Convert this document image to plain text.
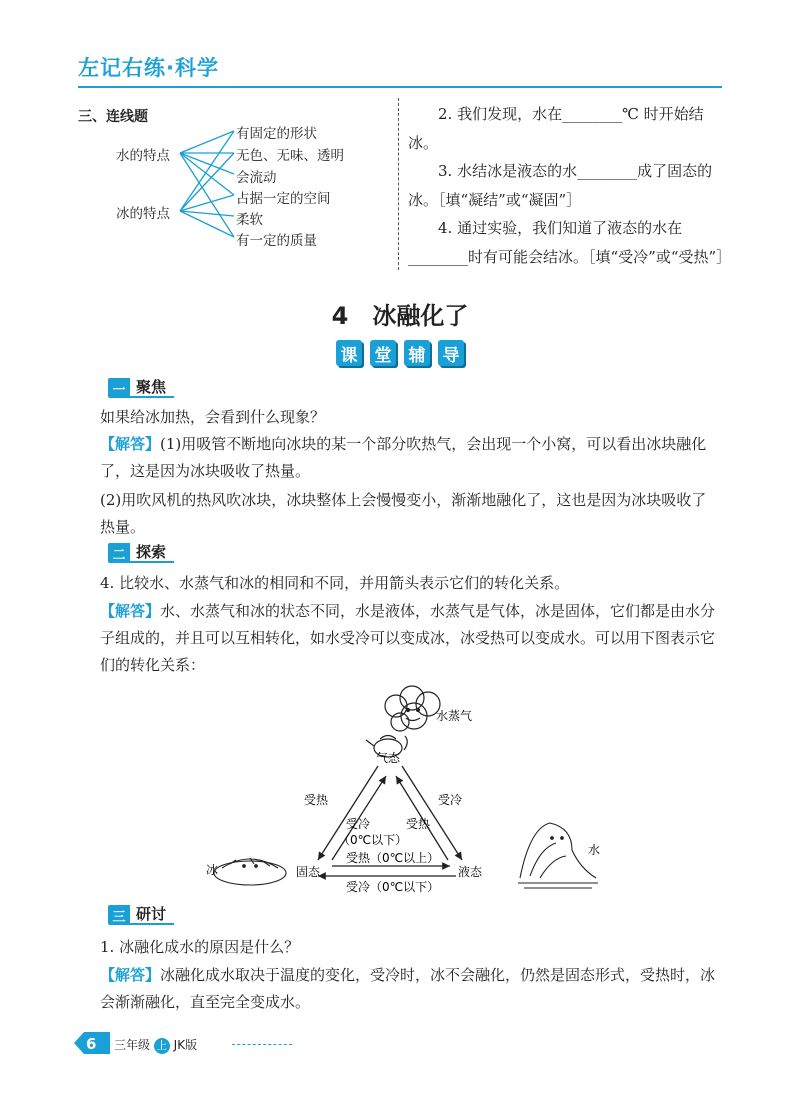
左记右练·科学
三、连线题
水的特点
冰的特点
有固定的形状
无色、无味、透明
会流动
占据一定的空间
柔软
有一定的质量
2. 我们发现，水在________℃ 时开始结冰。
3. 水结冰是液态的水________成了固态的冰。［填“凝结”或“凝固”］
4. 通过实验，我们知道了液态的水在________时有可能会结冰。［填“受冷”或“受热”］
4　冰融化了
课 堂 辅 导
一 聚焦
如果给冰加热，会看到什么现象？
【解答】(1)用吸管不断地向冰块的某一个部分吹热气，会出现一个小窝，可以看出冰块融化了，这是因为冰块吸收了热量。
(2)用吹风机的热风吹冰块，冰块整体上会慢慢变小，渐渐地融化了，这也是因为冰块吸收了热量。
二 探索
4. 比较水、水蒸气和冰的相同和不同，并用箭头表示它们的转化关系。
【解答】水、水蒸气和冰的状态不同，水是液体，水蒸气是气体，冰是固体，它们都是由水分子组成的，并且可以互相转化，如水受冷可以变成冰，冰受热可以变成水。可以用下图表示它们的转化关系：
水蒸气
气态
固态	液态
冰
水
受热	受冷
受冷	受热
（0℃以下）
受热（0℃以上）
受冷（0℃以下）
三 研讨
1. 冰融化成水的原因是什么？
【解答】冰融化成水取决于温度的变化，受冷时，冰不会融化，仍然是固态形式，受热时，冰会渐渐融化，直至完全变成水。
6 三年级 上 JK版
